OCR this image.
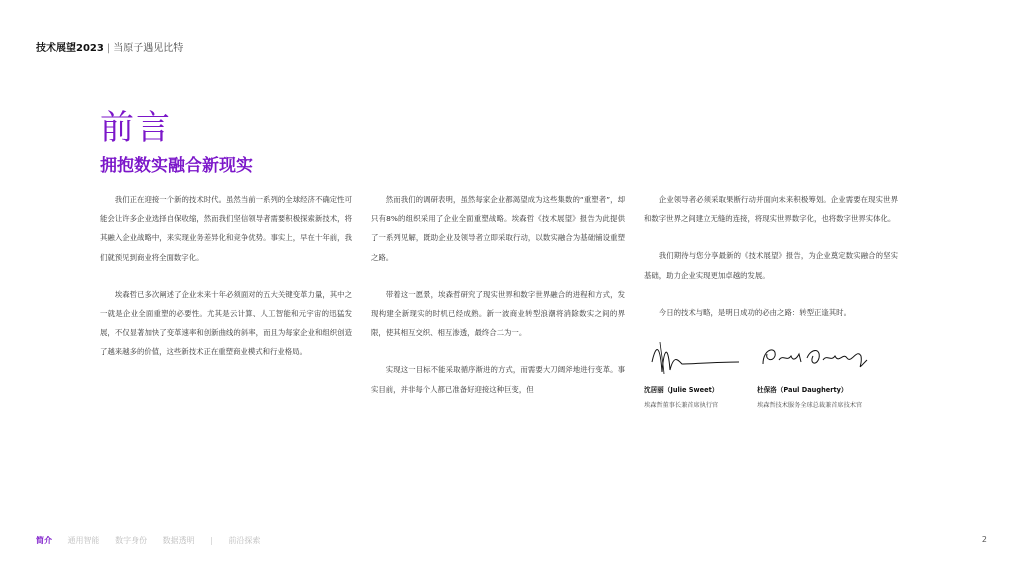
技术展望2023 | 当原子遇见比特
前言
拥抱数实融合新现实

我们正在迎接一个新的技术时代。虽然当前一系列的全球经济不确定性可能会让许多企业选择自保收缩，然而我们坚信领导者需要积极探索新技术，将其融入企业战略中，来实现业务差异化和竞争优势。事实上，早在十年前，我们就预见到商业将全面数字化。

埃森哲已多次阐述了企业未来十年必须面对的五大关键变革力量，其中之一就是企业全面重塑的必要性。尤其是云计算、人工智能和元宇宙的迅猛发展，不仅显著加快了变革速率和创新曲线的斜率，而且为每家企业和组织创造了越来越多的价值，这些新技术正在重塑商业模式和行业格局。

然而我们的调研表明，虽然每家企业都渴望成为这些集数的“重塑者”，却只有8%的组织采用了企业全面重塑战略。埃森哲《技术展望》报告为此提供了一系列见解，既助企业及领导者立即采取行动，以数实融合为基础铺设重塑之路。

带着这一愿景，埃森哲研究了现实世界和数字世界融合的进程和方式，发现构建全新现实的时机已经成熟。新一波商业转型浪潮将消除数实之间的界限，使其相互交织、相互渗透，最终合二为一。

实现这一目标不能采取循序渐进的方式，而需要大刀阔斧地进行变革。事实目前，并非每个人都已准备好迎接这种巨变，但

企业领导者必须采取果断行动并面向未来积极筹划。企业需要在现实世界和数字世界之间建立无缝的连接，将现实世界数字化，也将数字世界实体化。

我们期待与您分享最新的《技术展望》报告，为企业奠定数实融合的坚实基础，助力企业实现更加卓越的发展。

今日的技术与略，是明日成功的必由之路：转型正逢其时。

沈居丽（Julie Sweet）
埃森哲董事长兼首席执行官
杜保洛（Paul Daugherty）
埃森哲技术服务全球总裁兼首席技术官
简介 通用智能 数字身份 数据透明 | 前沿探索	2
